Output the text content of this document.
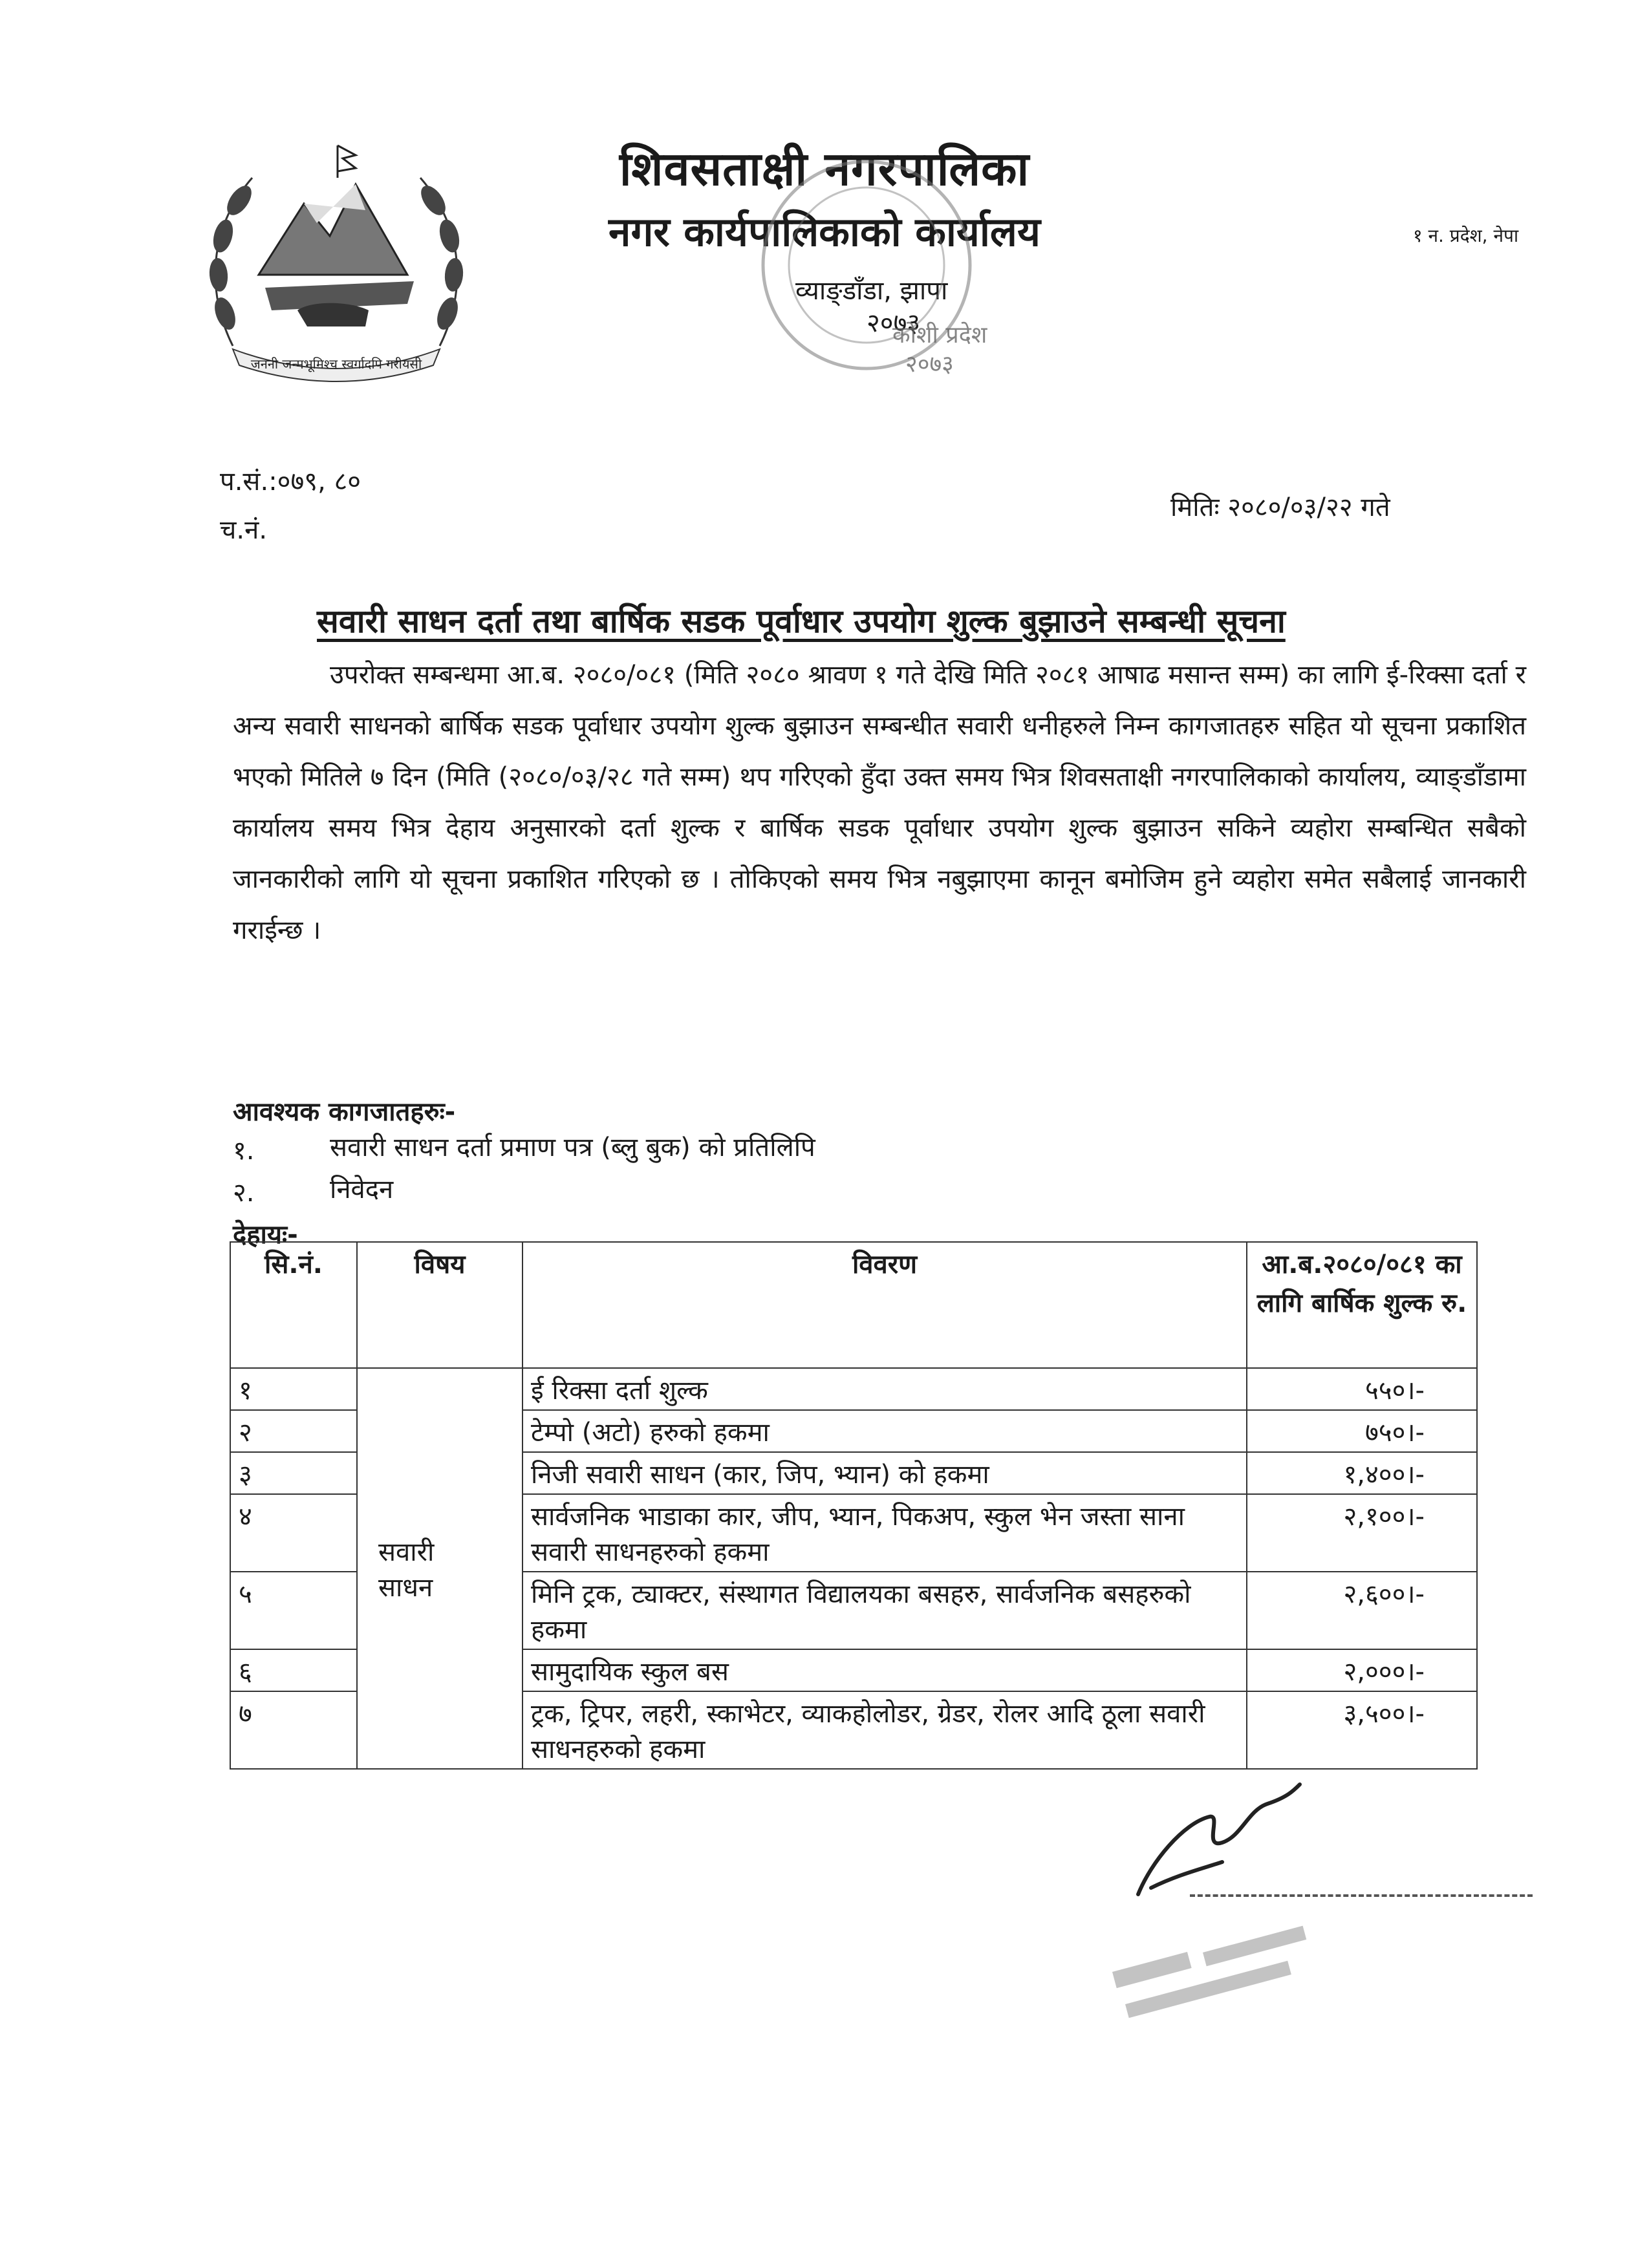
जननी जन्मभूमिश्च स्वर्गादपि गरीयसी
शिवसताक्षी नगरपालिका
नगर कार्यपालिकाको कार्यालय
व्याङ्डाँडा, झापा
२०७३
१ न. प्रदेश, नेपा
कोशी प्रदेश
२०७३
प.सं.:०७९, ८०
च.नं.
मितिः २०८०/०३/२२ गते
सवारी साधन दर्ता तथा बार्षिक सडक पूर्वाधार उपयोग शुल्क बुझाउने सम्बन्धी सूचना
उपरोक्त सम्बन्धमा आ.ब. २०८०/०८१ (मिति २०८० श्रावण १ गते देखि मिति २०८१ आषाढ मसान्त सम्म) का लागि ई-रिक्सा दर्ता र अन्य सवारी साधनको बार्षिक सडक पूर्वाधार उपयोग शुल्क बुझाउन सम्बन्धीत सवारी धनीहरुले निम्न कागजातहरु सहित यो सूचना प्रकाशित भएको मितिले ७ दिन (मिति (२०८०/०३/२८ गते सम्म) थप गरिएको हुँदा उक्त समय भित्र शिवसताक्षी नगरपालिकाको कार्यालय, व्याङ्डाँडामा कार्यालय समय भित्र देहाय अनुसारको दर्ता शुल्क र बार्षिक सडक पूर्वाधार उपयोग शुल्क बुझाउन सकिने व्यहोरा सम्बन्धित सबैको जानकारीको लागि यो सूचना प्रकाशित गरिएको छ । तोकिएको समय भित्र नबुझाएमा कानून बमोजिम हुने व्यहोरा समेत सबैलाई जानकारी गराईन्छ ।
आवश्यक कागजातहरुः-
१.	सवारी साधन दर्ता प्रमाण पत्र (ब्लु बुक) को प्रतिलिपि
२.	निवेदन
देहायः-
सि.नं.	विषय	विवरण	आ.ब.२०८०/०८१ का लागि बार्षिक शुल्क रु.
१	सवारी साधन	ई रिक्सा दर्ता शुल्क	५५०।-
२		टेम्पो (अटो) हरुको हकमा	७५०।-
३		निजी सवारी साधन (कार, जिप, भ्यान) को हकमा	१,४००।-
४		सार्वजनिक भाडाका कार, जीप, भ्यान, पिकअप, स्कुल भेन जस्ता साना सवारी साधनहरुको हकमा	२,१००।-
५		मिनि ट्रक, ट्याक्टर, संस्थागत विद्यालयका बसहरु, सार्वजनिक बसहरुको हकमा	२,६००।-
६		सामुदायिक स्कुल बस	२,०००।-
७		ट्रक, ट्रिपर, लहरी, स्काभेटर, व्याकहोलोडर, ग्रेडर, रोलर आदि ठूला सवारी साधनहरुको हकमा	३,५००।-
